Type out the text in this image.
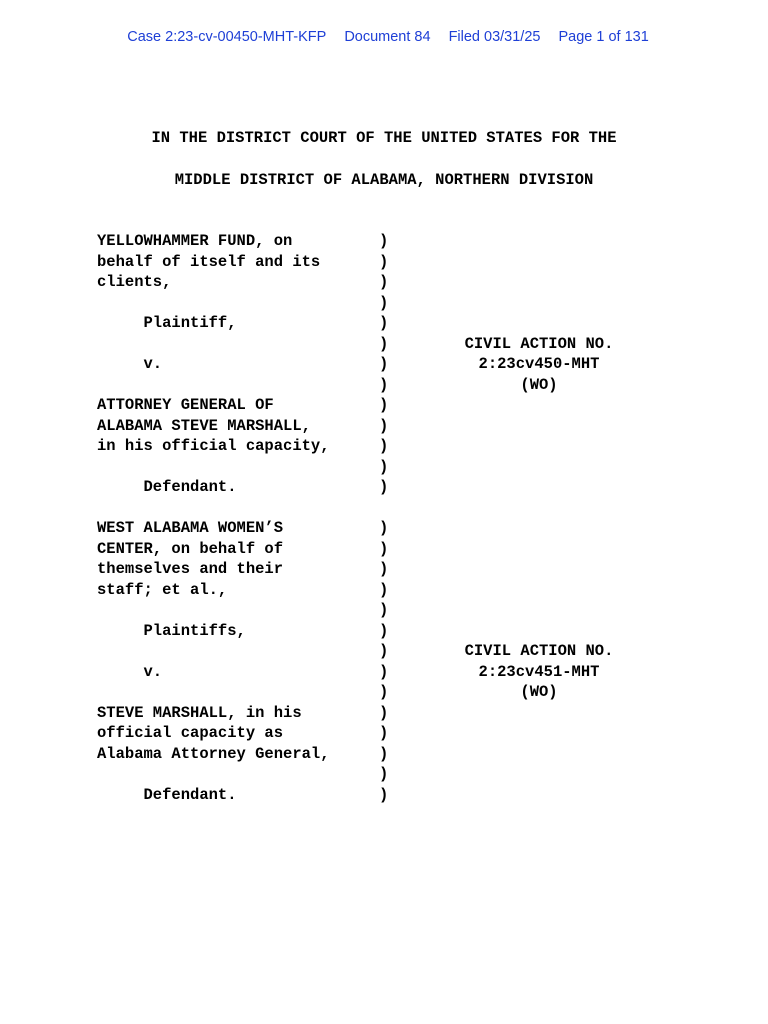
Case 2:23-cv-00450-MHT-KFP Document 84 Filed 03/31/25 Page 1 of 131

IN THE DISTRICT COURT OF THE UNITED STATES FOR THE
MIDDLE DISTRICT OF ALABAMA, NORTHERN DIVISION
YELLOWHAMMER FUND, on
behalf of itself and its
clients,
Plaintiff,
v.
ATTORNEY GENERAL OF
ALABAMA STEVE MARSHALL,
in his official capacity,
Defendant.
)
)
)
)
)
)
)
)
)
)
)
)
)
CIVIL ACTION NO.
2:23cv450-MHT
(WO)
WEST ALABAMA WOMEN’S
CENTER, on behalf of
themselves and their
staff; et al.,
Plaintiffs,
v.
STEVE MARSHALL, in his
official capacity as
Alabama Attorney General,
Defendant.
)
)
)
)
)
)
)
)
)
)
)
)
)
)
CIVIL ACTION NO.
2:23cv451-MHT
(WO)
